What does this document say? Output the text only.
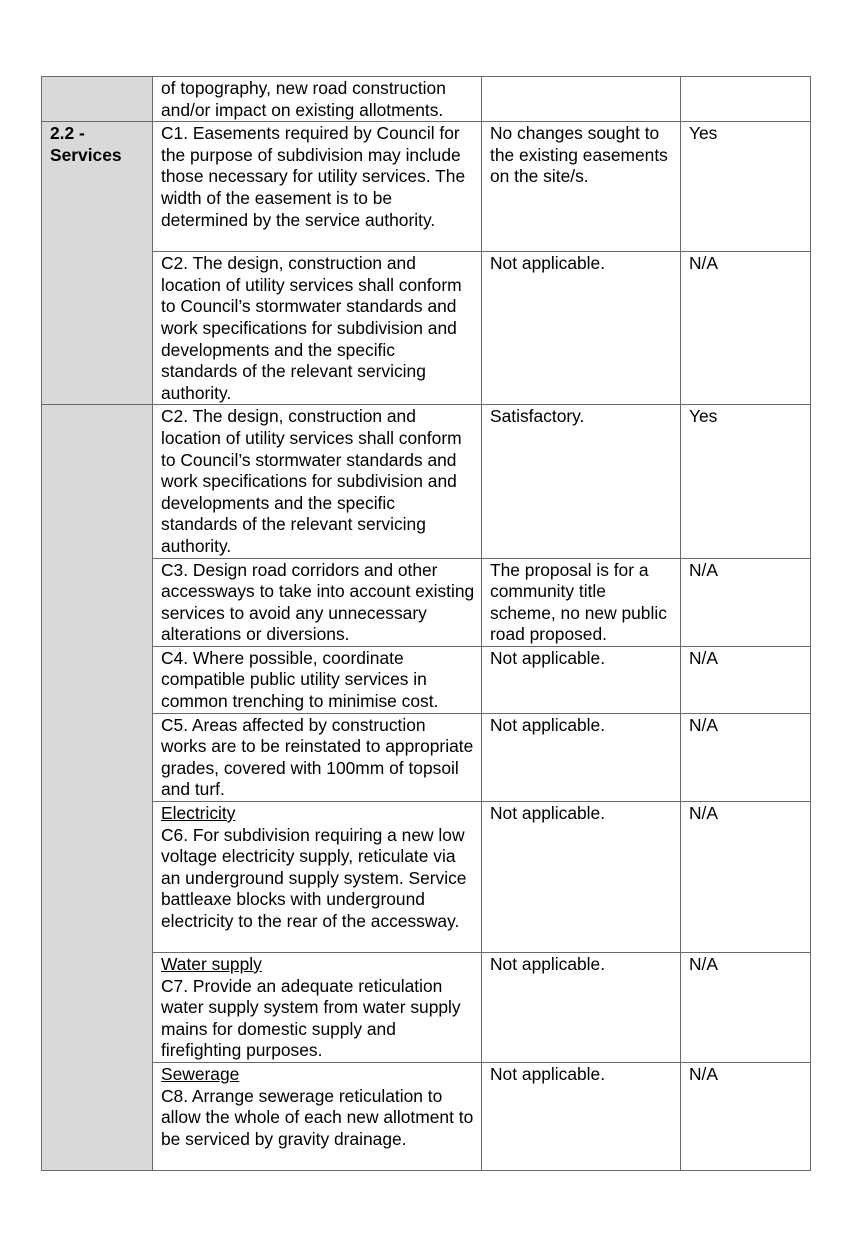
	of topography, new road construction and/or impact on existing allotments.		

2.2 -
Services	C1. Easements required by Council for the purpose of subdivision may include those necessary for utility services. The width of the easement is to be determined by the service authority.	No changes sought to the existing easements on the site/s.	Yes

	C2. The design, construction and location of utility services shall conform to Council’s stormwater standards and work specifications for subdivision and developments and the specific standards of the relevant servicing authority.	Not applicable.	N/A

	C2. The design, construction and location of utility services shall conform to Council’s stormwater standards and work specifications for subdivision and developments and the specific standards of the relevant servicing authority.	Satisfactory.	Yes

	C3. Design road corridors and other accessways to take into account existing services to avoid any unnecessary alterations or diversions.	The proposal is for a community title scheme, no new public road proposed.	N/A

	C4. Where possible, coordinate compatible public utility services in common trenching to minimise cost.	Not applicable.	N/A

	C5. Areas affected by construction works are to be reinstated to appropriate grades, covered with 100mm of topsoil and turf.	Not applicable.	N/A

	Electricity
C6. For subdivision requiring a new low voltage electricity supply, reticulate via an underground supply system. Service battleaxe blocks with underground electricity to the rear of the accessway.	Not applicable.	N/A

	Water supply
C7. Provide an adequate reticulation water supply system from water supply mains for domestic supply and firefighting purposes.	Not applicable.	N/A

	Sewerage
C8. Arrange sewerage reticulation to allow the whole of each new allotment to be serviced by gravity drainage.	Not applicable.	N/A
